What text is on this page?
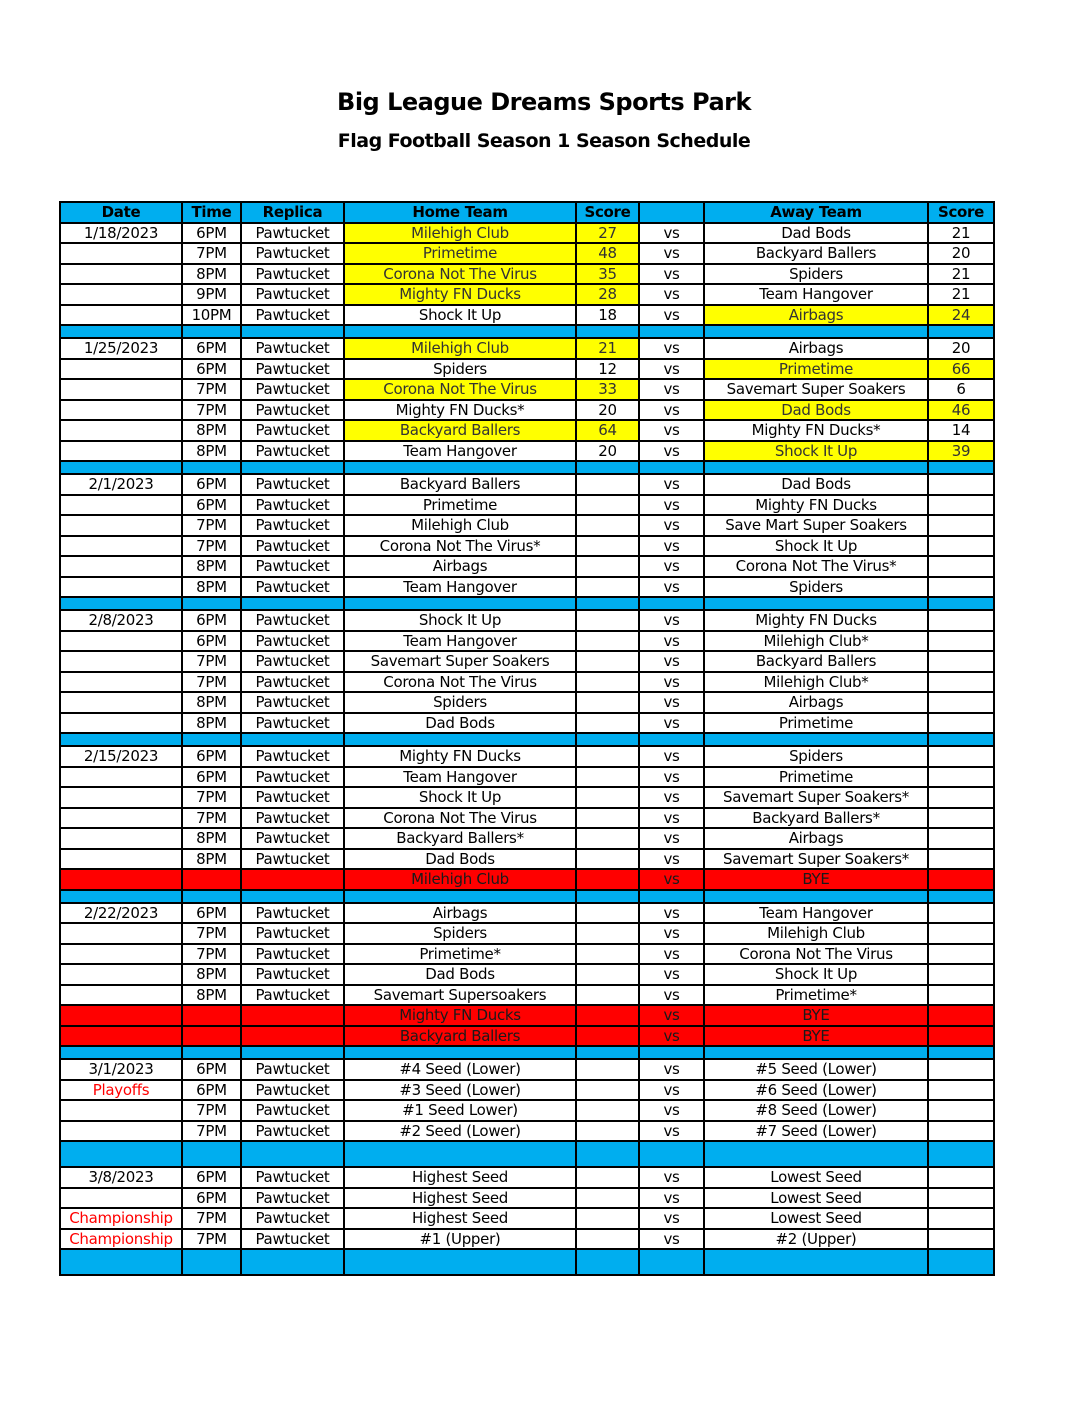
Big League Dreams Sports Park
Flag Football Season 1 Season Schedule
Date	Time	Replica	Home Team	Score		Away Team	Score
1/18/2023	6PM	Pawtucket	Milehigh Club	27	vs	Dad Bods	21
	7PM	Pawtucket	Primetime	48	vs	Backyard Ballers	20
	8PM	Pawtucket	Corona Not The Virus	35	vs	Spiders	21
	9PM	Pawtucket	Mighty FN Ducks	28	vs	Team Hangover	21
	10PM	Pawtucket	Shock It Up	18	vs	Airbags	24

1/25/2023	6PM	Pawtucket	Milehigh Club	21	vs	Airbags	20
	6PM	Pawtucket	Spiders	12	vs	Primetime	66
	7PM	Pawtucket	Corona Not The Virus	33	vs	Savemart Super Soakers	6
	7PM	Pawtucket	Mighty FN Ducks*	20	vs	Dad Bods	46
	8PM	Pawtucket	Backyard Ballers	64	vs	Mighty FN Ducks*	14
	8PM	Pawtucket	Team Hangover	20	vs	Shock It Up	39

2/1/2023	6PM	Pawtucket	Backyard Ballers		vs	Dad Bods	
	6PM	Pawtucket	Primetime		vs	Mighty FN Ducks	
	7PM	Pawtucket	Milehigh Club		vs	Save Mart Super Soakers	
	7PM	Pawtucket	Corona Not The Virus*		vs	Shock It Up	
	8PM	Pawtucket	Airbags		vs	Corona Not The Virus*	
	8PM	Pawtucket	Team Hangover		vs	Spiders	

2/8/2023	6PM	Pawtucket	Shock It Up		vs	Mighty FN Ducks	
	6PM	Pawtucket	Team Hangover		vs	Milehigh Club*	
	7PM	Pawtucket	Savemart Super Soakers		vs	Backyard Ballers	
	7PM	Pawtucket	Corona Not The Virus		vs	Milehigh Club*	
	8PM	Pawtucket	Spiders		vs	Airbags	
	8PM	Pawtucket	Dad Bods		vs	Primetime	

2/15/2023	6PM	Pawtucket	Mighty FN Ducks		vs	Spiders	
	6PM	Pawtucket	Team Hangover		vs	Primetime	
	7PM	Pawtucket	Shock It Up		vs	Savemart Super Soakers*	
	7PM	Pawtucket	Corona Not The Virus		vs	Backyard Ballers*	
	8PM	Pawtucket	Backyard Ballers*		vs	Airbags	
	8PM	Pawtucket	Dad Bods		vs	Savemart Super Soakers*	
			Milehigh Club		vs	BYE	

2/22/2023	6PM	Pawtucket	Airbags		vs	Team Hangover	
	7PM	Pawtucket	Spiders		vs	Milehigh Club	
	7PM	Pawtucket	Primetime*		vs	Corona Not The Virus	
	8PM	Pawtucket	Dad Bods		vs	Shock It Up	
	8PM	Pawtucket	Savemart Supersoakers		vs	Primetime*	
			Mighty FN Ducks		vs	BYE	
			Backyard Ballers		vs	BYE	

3/1/2023	6PM	Pawtucket	#4 Seed (Lower)		vs	#5 Seed (Lower)	
Playoffs	6PM	Pawtucket	#3 Seed (Lower)		vs	#6 Seed (Lower)	
	7PM	Pawtucket	#1 Seed Lower)		vs	#8 Seed (Lower)	
	7PM	Pawtucket	#2 Seed (Lower)		vs	#7 Seed (Lower)	

3/8/2023	6PM	Pawtucket	Highest Seed		vs	Lowest Seed	
	6PM	Pawtucket	Highest Seed		vs	Lowest Seed	
Championship	7PM	Pawtucket	Highest Seed		vs	Lowest Seed	
Championship	7PM	Pawtucket	#1 (Upper)		vs	#2 (Upper)	
